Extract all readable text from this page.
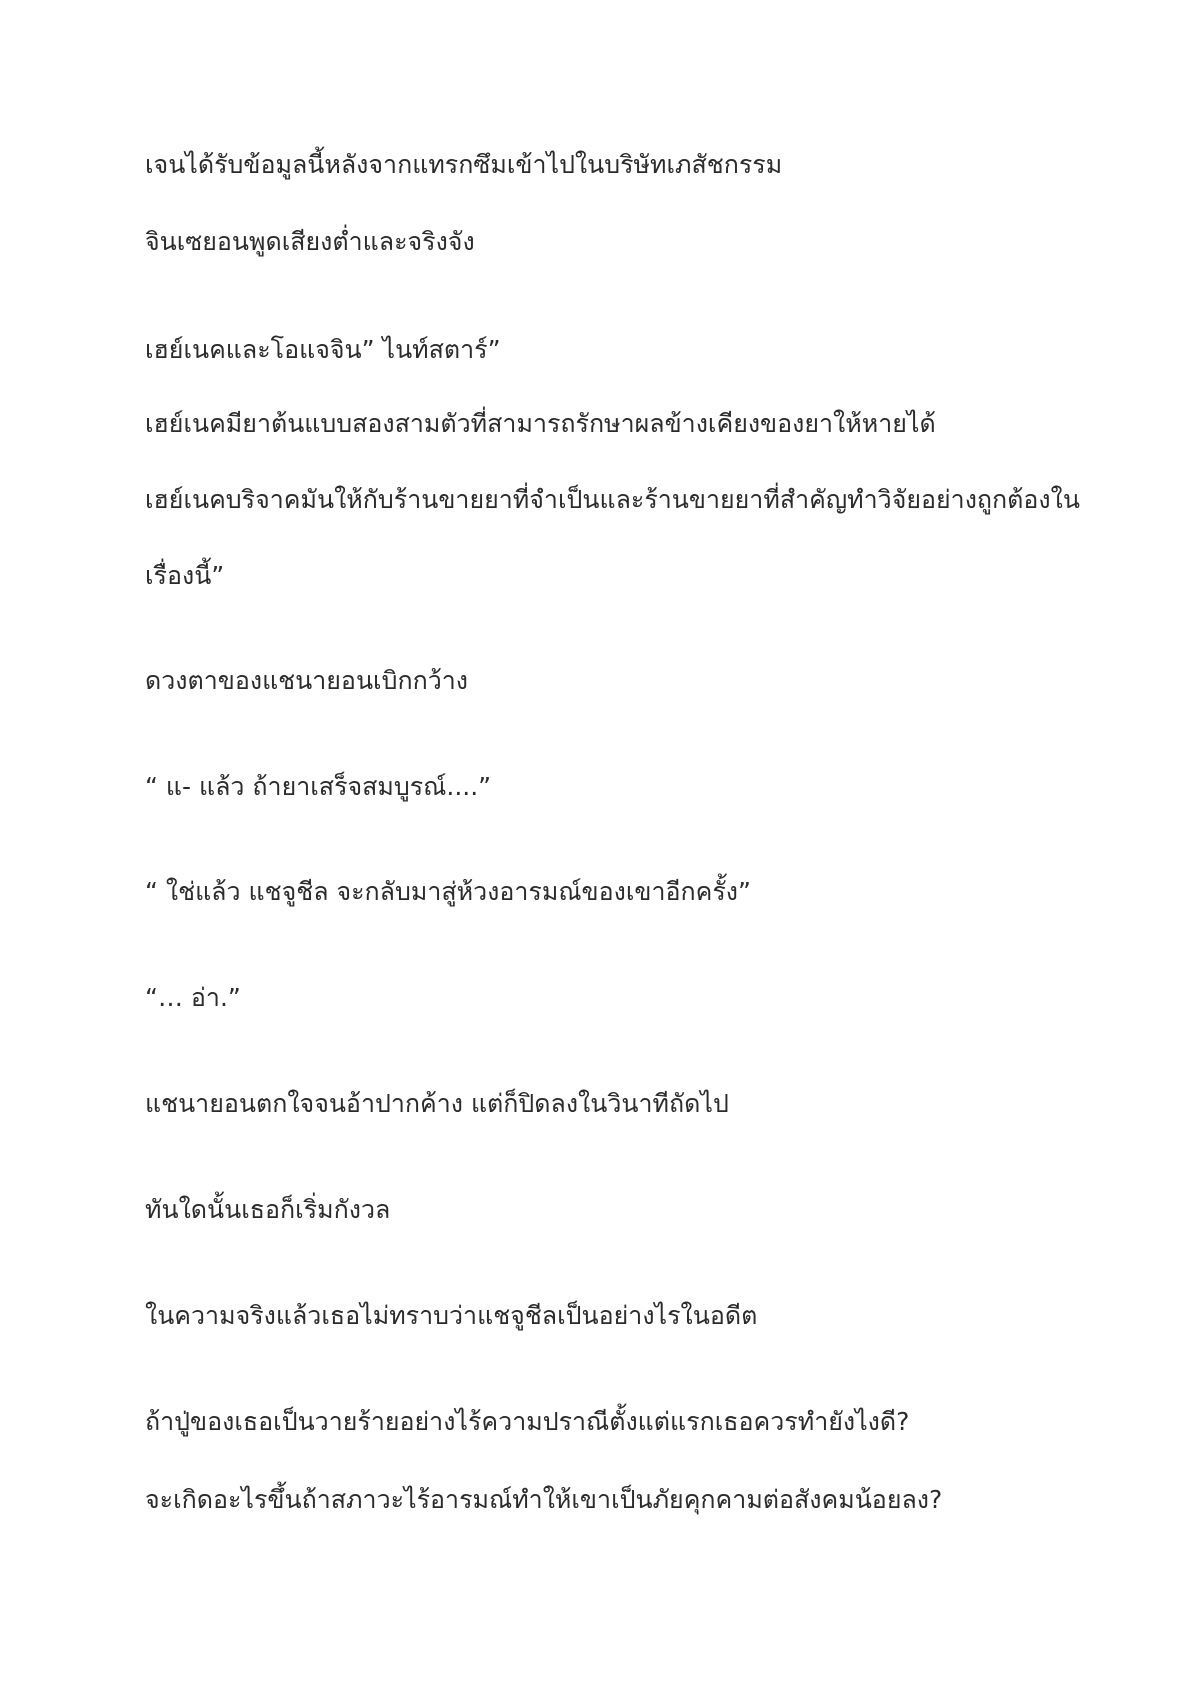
เจนได้รับข้อมูลนี้หลังจากแทรกซึมเข้าไปในบริษัทเภสัชกรรม

จินเซยอนพูดเสียงต่ำและจริงจัง

เฮย์เนคและโอแจจิน” ไนท์สตาร์”

เฮย์เนคมียาต้นแบบสองสามตัวที่สามารถรักษาผลข้างเคียงของยาให้หายได้

เฮย์เนคบริจาคมันให้กับร้านขายยาที่จำเป็นและร้านขายยาที่สำคัญทำวิจัยอย่างถูกต้องใน

เรื่องนี้”

ดวงตาของแชนายอนเบิกกว้าง

“ แ- แล้ว ถ้ายาเสร็จสมบูรณ์....”

“ ใช่แล้ว แชจูชีล จะกลับมาสู่ห้วงอารมณ์ของเขาอีกครั้ง”

“… อ่า.”

แชนายอนตกใจจนอ้าปากค้าง แต่ก็ปิดลงในวินาทีถัดไป

ทันใดนั้นเธอก็เริ่มกังวล

ในความจริงแล้วเธอไม่ทราบว่าแชจูชีลเป็นอย่างไรในอดีต

ถ้าปู่ของเธอเป็นวายร้ายอย่างไร้ความปราณีตั้งแต่แรกเธอควรทำยังไงดี?

จะเกิดอะไรขึ้นถ้าสภาวะไร้อารมณ์ทำให้เขาเป็นภัยคุกคามต่อสังคมน้อยลง?
